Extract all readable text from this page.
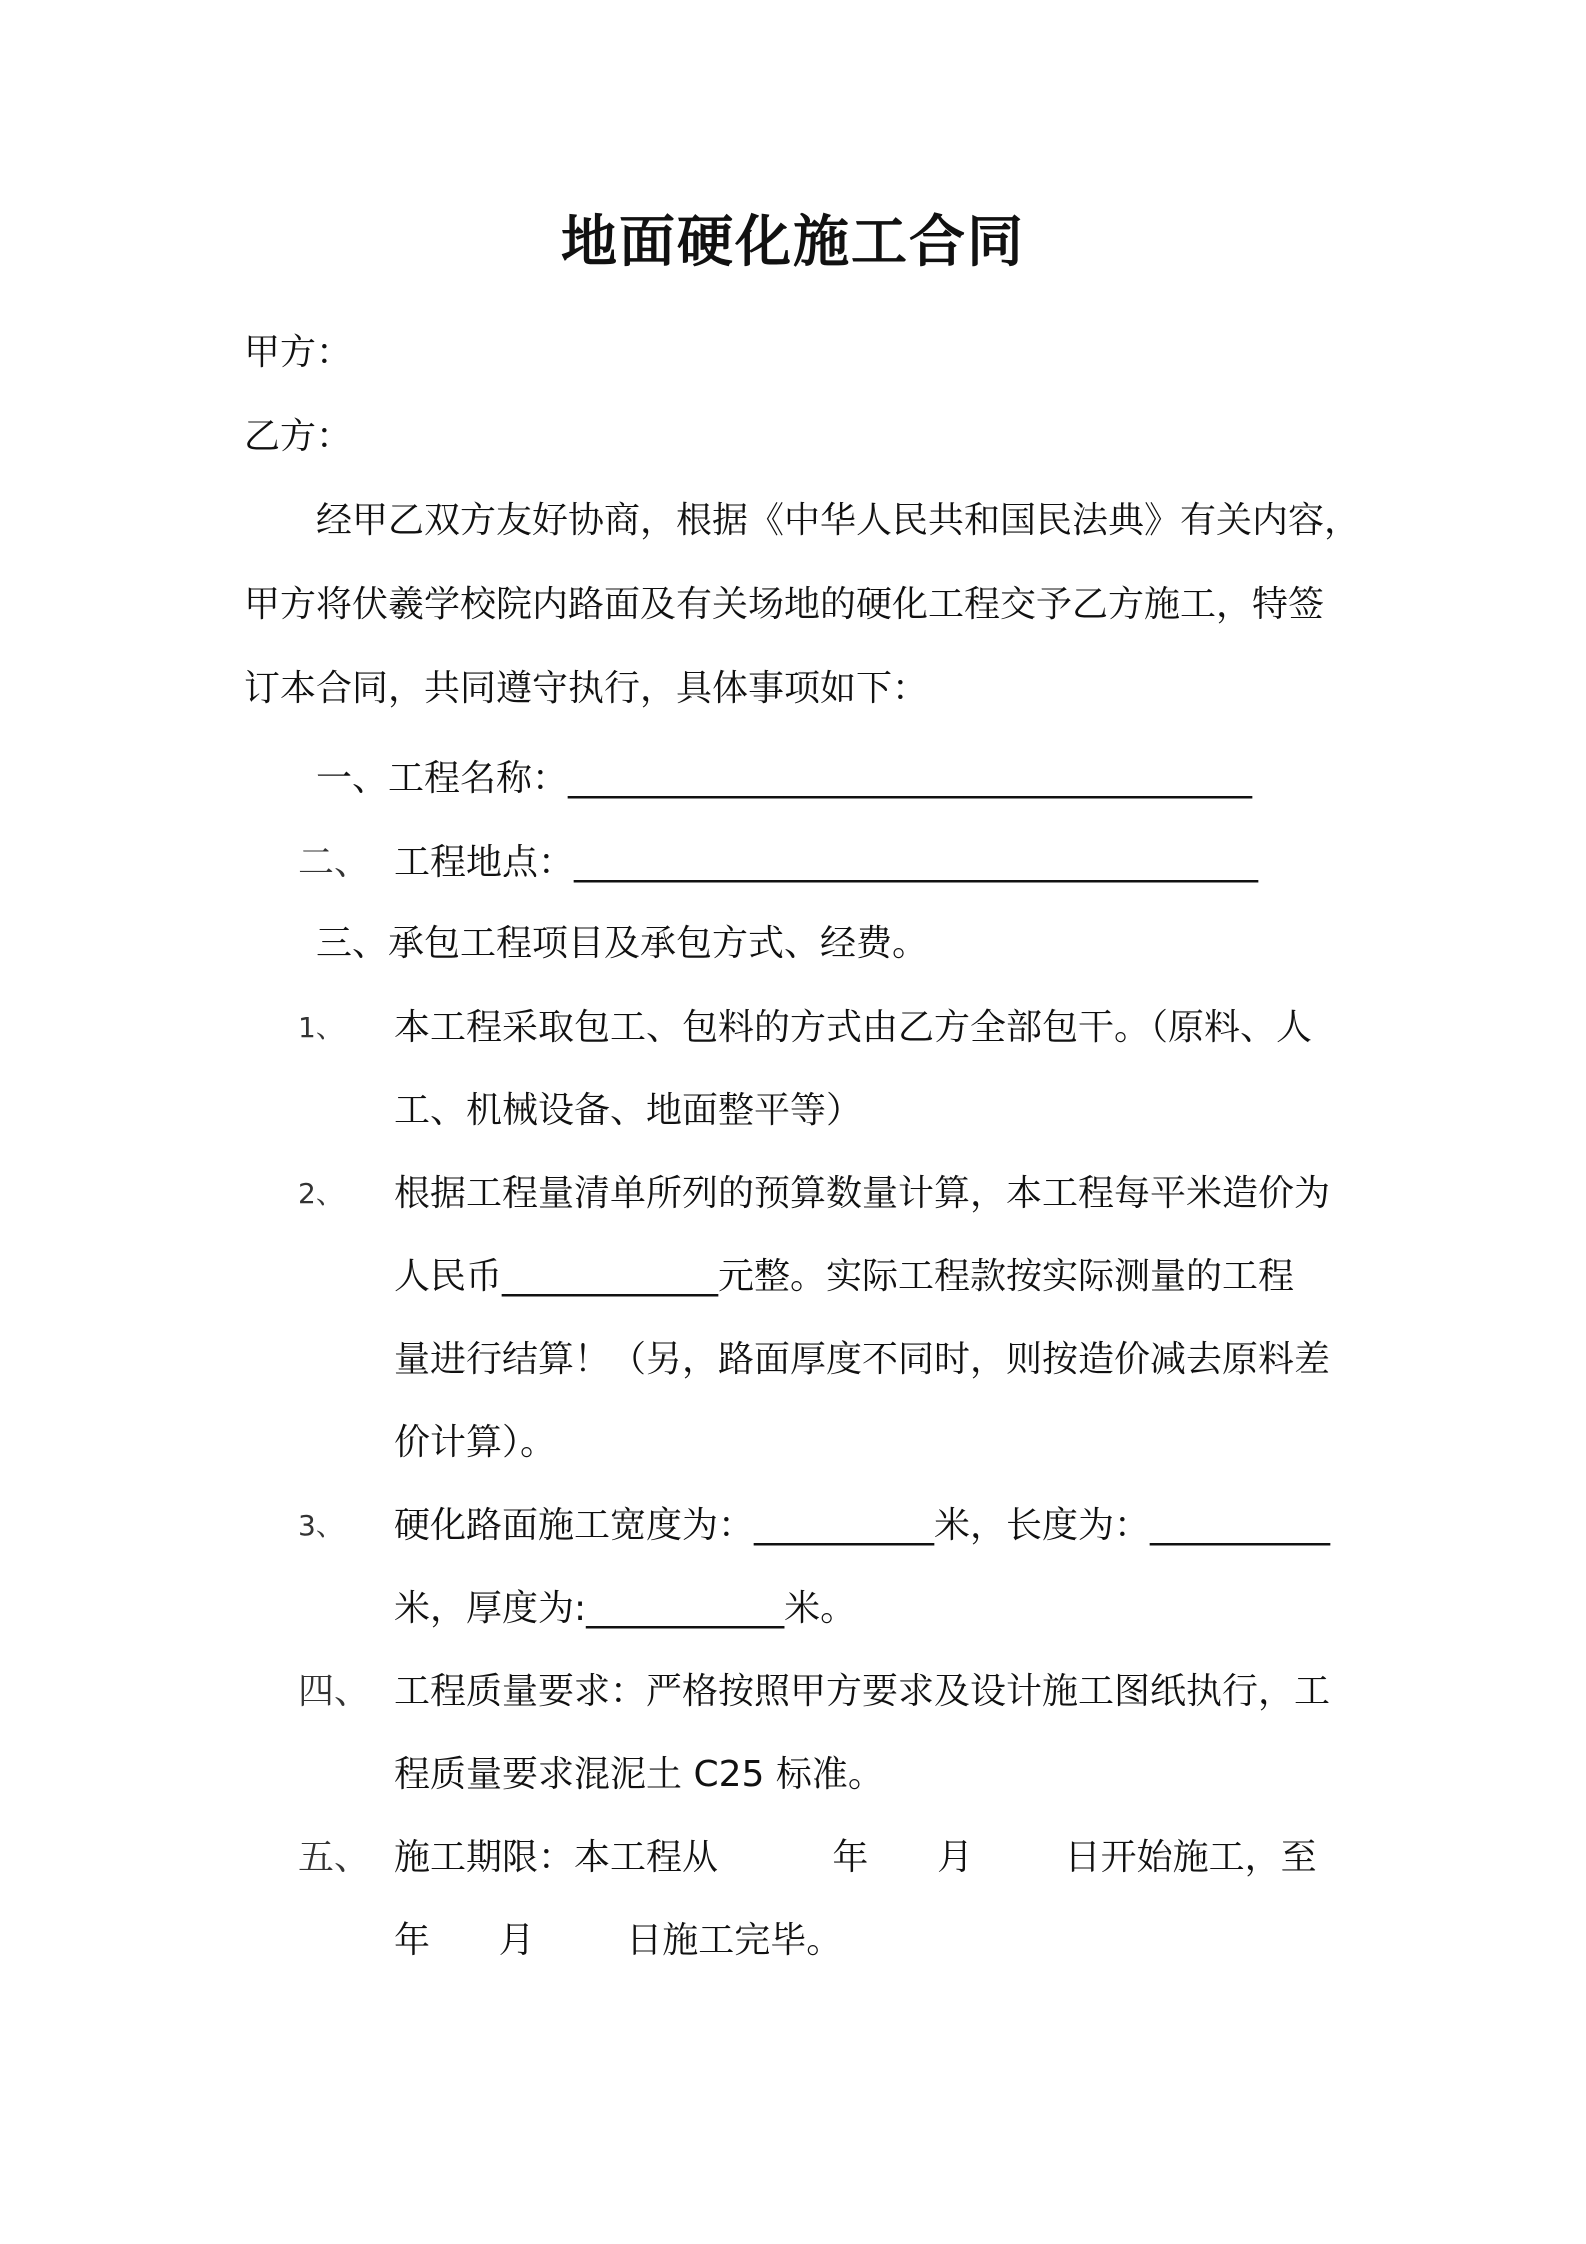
地面硬化施工合同
甲方：
乙方：
经甲乙双方友好协商，根据《中华人民共和国民法典》有关内容，
甲方将伏羲学校院内路面及有关场地的硬化工程交予乙方施工，特签
订本合同，共同遵守执行，具体事项如下：
一、工程名称：______________________________________
二、 工程地点：______________________________________
三、承包工程项目及承包方式、经费。
1、 本工程采取包工、包料的方式由乙方全部包干。（原料、人
工、机械设备、地面整平等）
2、 根据工程量清单所列的预算数量计算，本工程每平米造价为
人民币____________元整。实际工程款按实际测量的工程
量进行结算！（另，路面厚度不同时，则按造价减去原料差
价计算）。
3、 硬化路面施工宽度为：__________米，长度为：__________
米，厚度为:___________米。
四、 工程质量要求：严格按照甲方要求及设计施工图纸执行，工
程质量要求混泥土 C25 标准。
五、 施工期限：本工程从          年      月        日开始施工，至
年      月        日施工完毕。
